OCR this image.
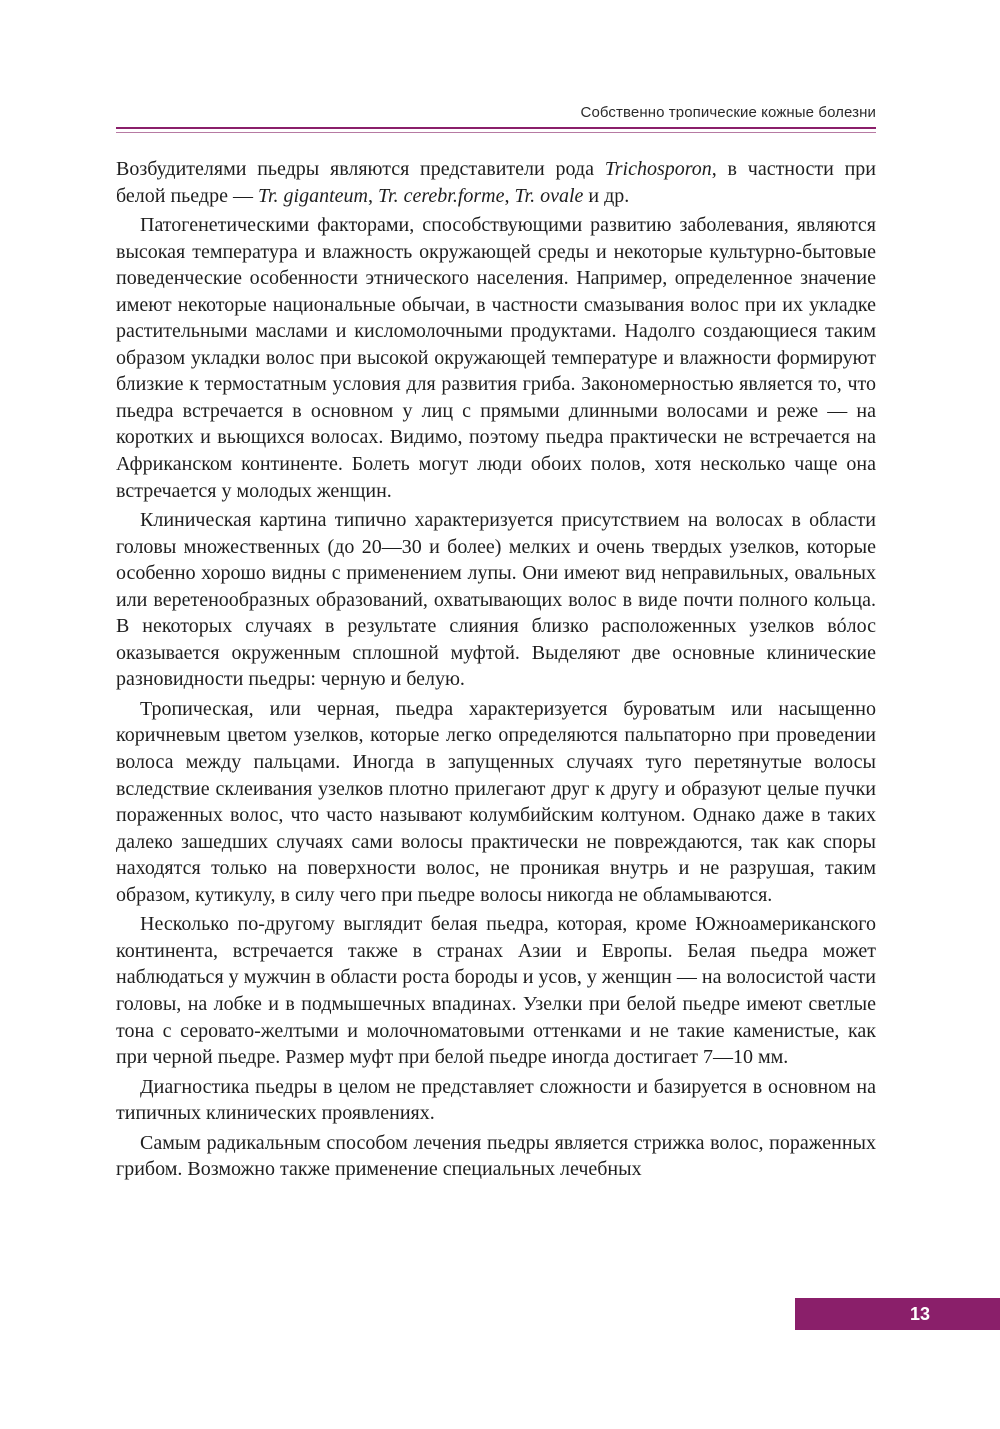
Собственно тропические кожные болезни

Возбудителями пьедры являются представители рода Trichosporon, в частности при белой пьедре — Tr. giganteum, Tr. cerebr.forme, Tr. ovale и др.

Патогенетическими факторами, способствующими развитию заболевания, являются высокая температура и влажность окружающей среды и некоторые культурно-бытовые поведенческие особенности этнического населения. Например, определенное значение имеют некоторые национальные обычаи, в частности смазывания волос при их укладке растительными маслами и кисломолочными продуктами. Надолго создающиеся таким образом укладки волос при высокой окружающей температуре и влажности формируют близкие к термостатным условия для развития гриба. Закономерностью является то, что пьедра встречается в основном у лиц с прямыми длинными волосами и реже — на коротких и вьющихся волосах. Видимо, поэтому пьедра практически не встречается на Африканском континенте. Болеть могут люди обоих полов, хотя несколько чаще она встречается у молодых женщин.

Клиническая картина типично характеризуется присутствием на волосах в области головы множественных (до 20—30 и более) мелких и очень твердых узелков, которые особенно хорошо видны с применением лупы. Они имеют вид неправильных, овальных или веретенообразных образований, охватывающих волос в виде почти полного кольца. В некоторых случаях в результате слияния близко расположенных узелков вóлос оказывается окруженным сплошной муфтой. Выделяют две основные клинические разновидности пьедры: черную и белую.

Тропическая, или черная, пьедра характеризуется буроватым или насыщенно коричневым цветом узелков, которые легко определяются пальпаторно при проведении волоса между пальцами. Иногда в запущенных случаях туго перетянутые волосы вследствие склеивания узелков плотно прилегают друг к другу и образуют целые пучки пораженных волос, что часто называют колумбийским колтуном. Однако даже в таких далеко зашедших случаях сами волосы практически не повреждаются, так как споры находятся только на поверхности волос, не проникая внутрь и не разрушая, таким образом, кутикулу, в силу чего при пьедре волосы никогда не обламываются.

Несколько по-другому выглядит белая пьедра, которая, кроме Южноамериканского континента, встречается также в странах Азии и Европы. Белая пьедра может наблюдаться у мужчин в области роста бороды и усов, у женщин — на волосистой части головы, на лобке и в подмышечных впадинах. Узелки при белой пьедре имеют светлые тона с серовато-желтыми и молочноматовыми оттенками и не такие каменистые, как при черной пьедре. Размер муфт при белой пьедре иногда достигает 7—10 мм.

Диагностика пьедры в целом не представляет сложности и базируется в основном на типичных клинических проявлениях.

Самым радикальным способом лечения пьедры является стрижка волос, пораженных грибом. Возможно также применение специальных лечебных

13
